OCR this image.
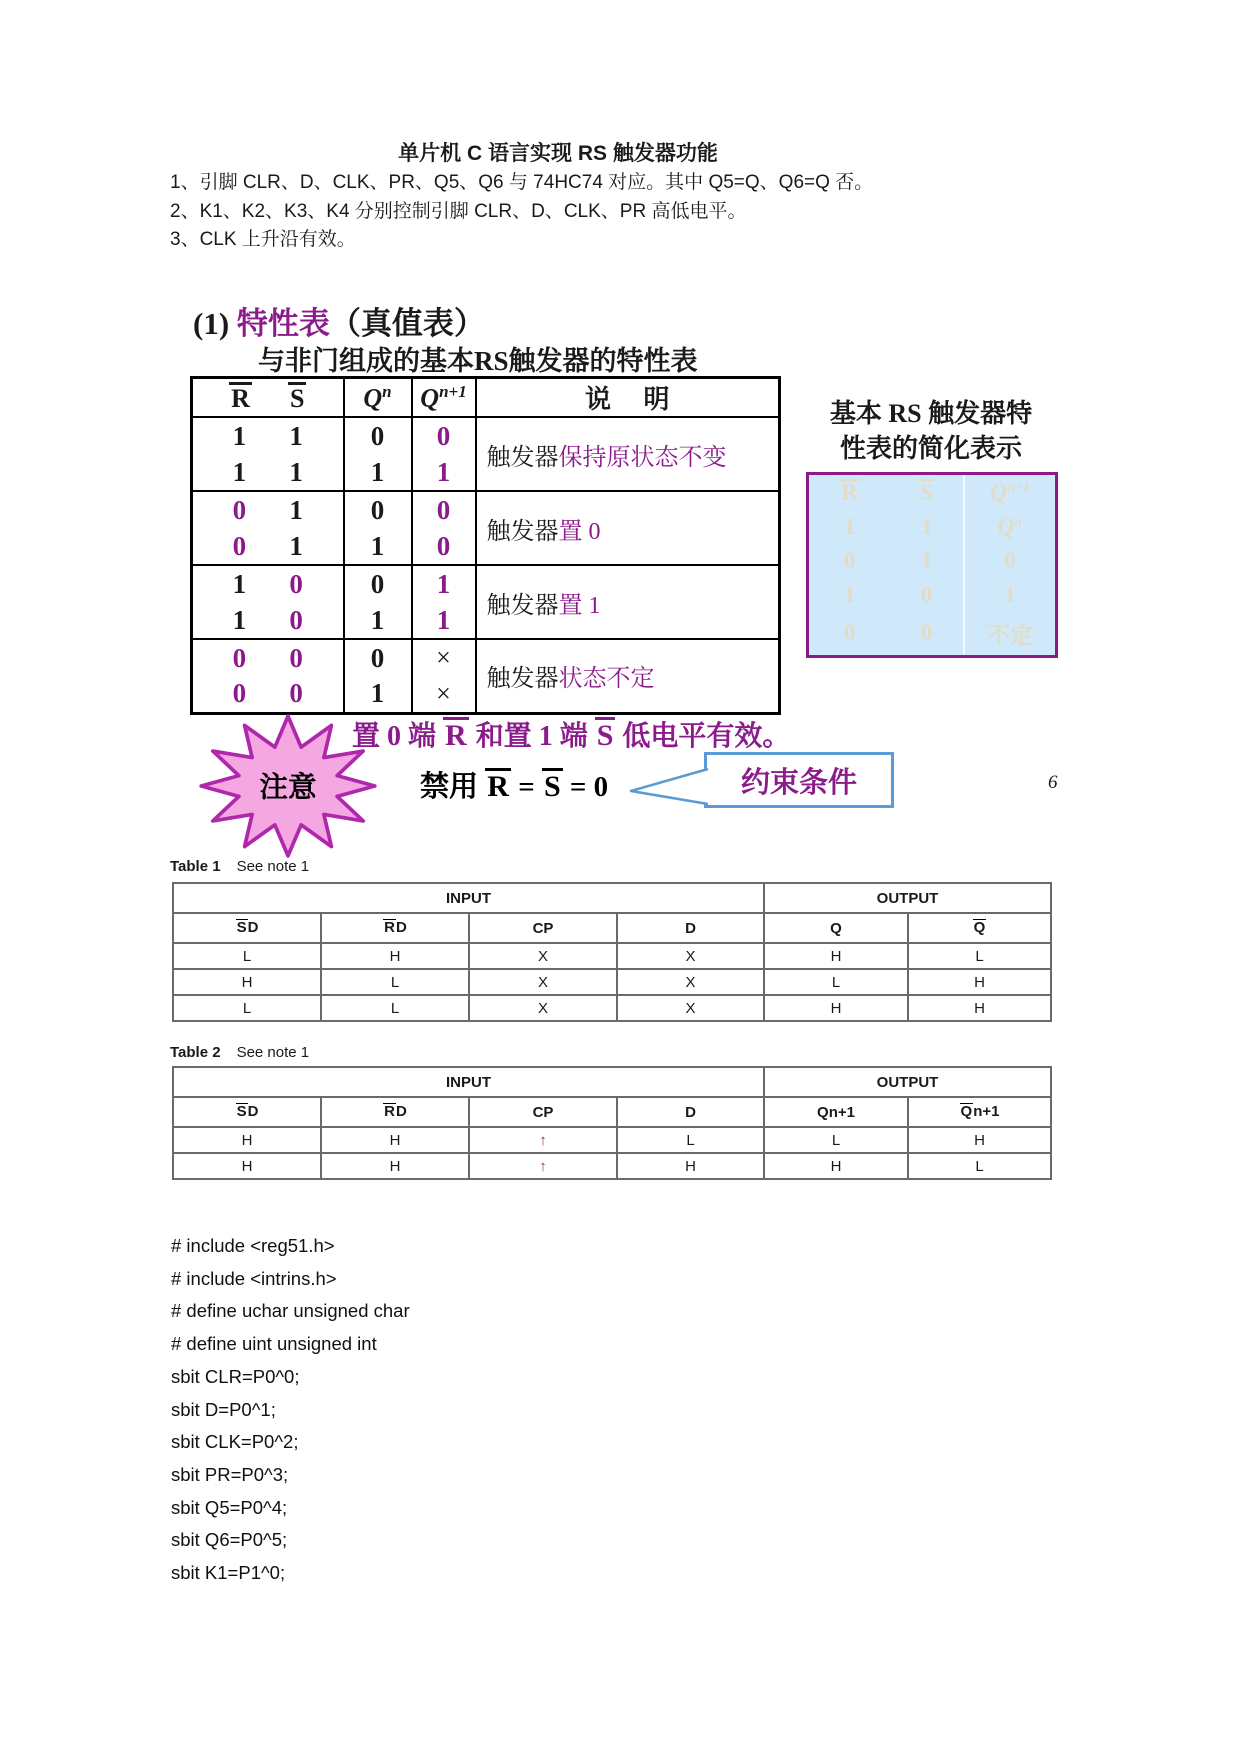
单片机 C 语言实现 RS 触发器功能
1、引脚 CLR、D、CLK、PR、Q5、Q6 与 74HC74 对应。其中 Q5=Q、Q6=Q 否。
2、K1、K2、K3、K4 分别控制引脚 CLR、D、CLK、PR 高低电平。
3、CLK 上升沿有效。
(1) 特性表（真值表）
与非门组成的基本RS触发器的特性表
R S	$Q^n$	$Q^{n+1}$	说     明

1 1	0	0	触发器保持原状态不变

1 1	1	1	

0 1	0	0	触发器置 0

0 1	1	0	

1 0	0	1	触发器置 1

1 0	1	1	

0 0	0	×	触发器状态不定

0 0	1	×	
基本 RS 触发器特
性表的简化表示
R	S	$Q^{n+1}$
1	1	$Q^n$
0	1	0
1	0	1
0	0	不定
注意
置 0 端 R 和置 1 端 S 低电平有效。
禁用 R = S = 0	约束条件	6
Table 1 See note 1
INPUT				OUTPUT	
SD	RD	CP	D	Q	Q
L	H	X	X	H	L
H	L	X	X	L	H
L	L	X	X	H	H
Table 2 See note 1
INPUT				OUTPUT	
SD	RD	CP	D	Qn+1	Qn+1
H	H	↑	L	L	H
H	H	↑	H	H	L
# include <reg51.h>
# include <intrins.h>
# define uchar unsigned char
# define uint unsigned int
sbit CLR=P0^0;
sbit D=P0^1;
sbit CLK=P0^2;
sbit PR=P0^3;
sbit Q5=P0^4;
sbit Q6=P0^5;
sbit K1=P1^0;
